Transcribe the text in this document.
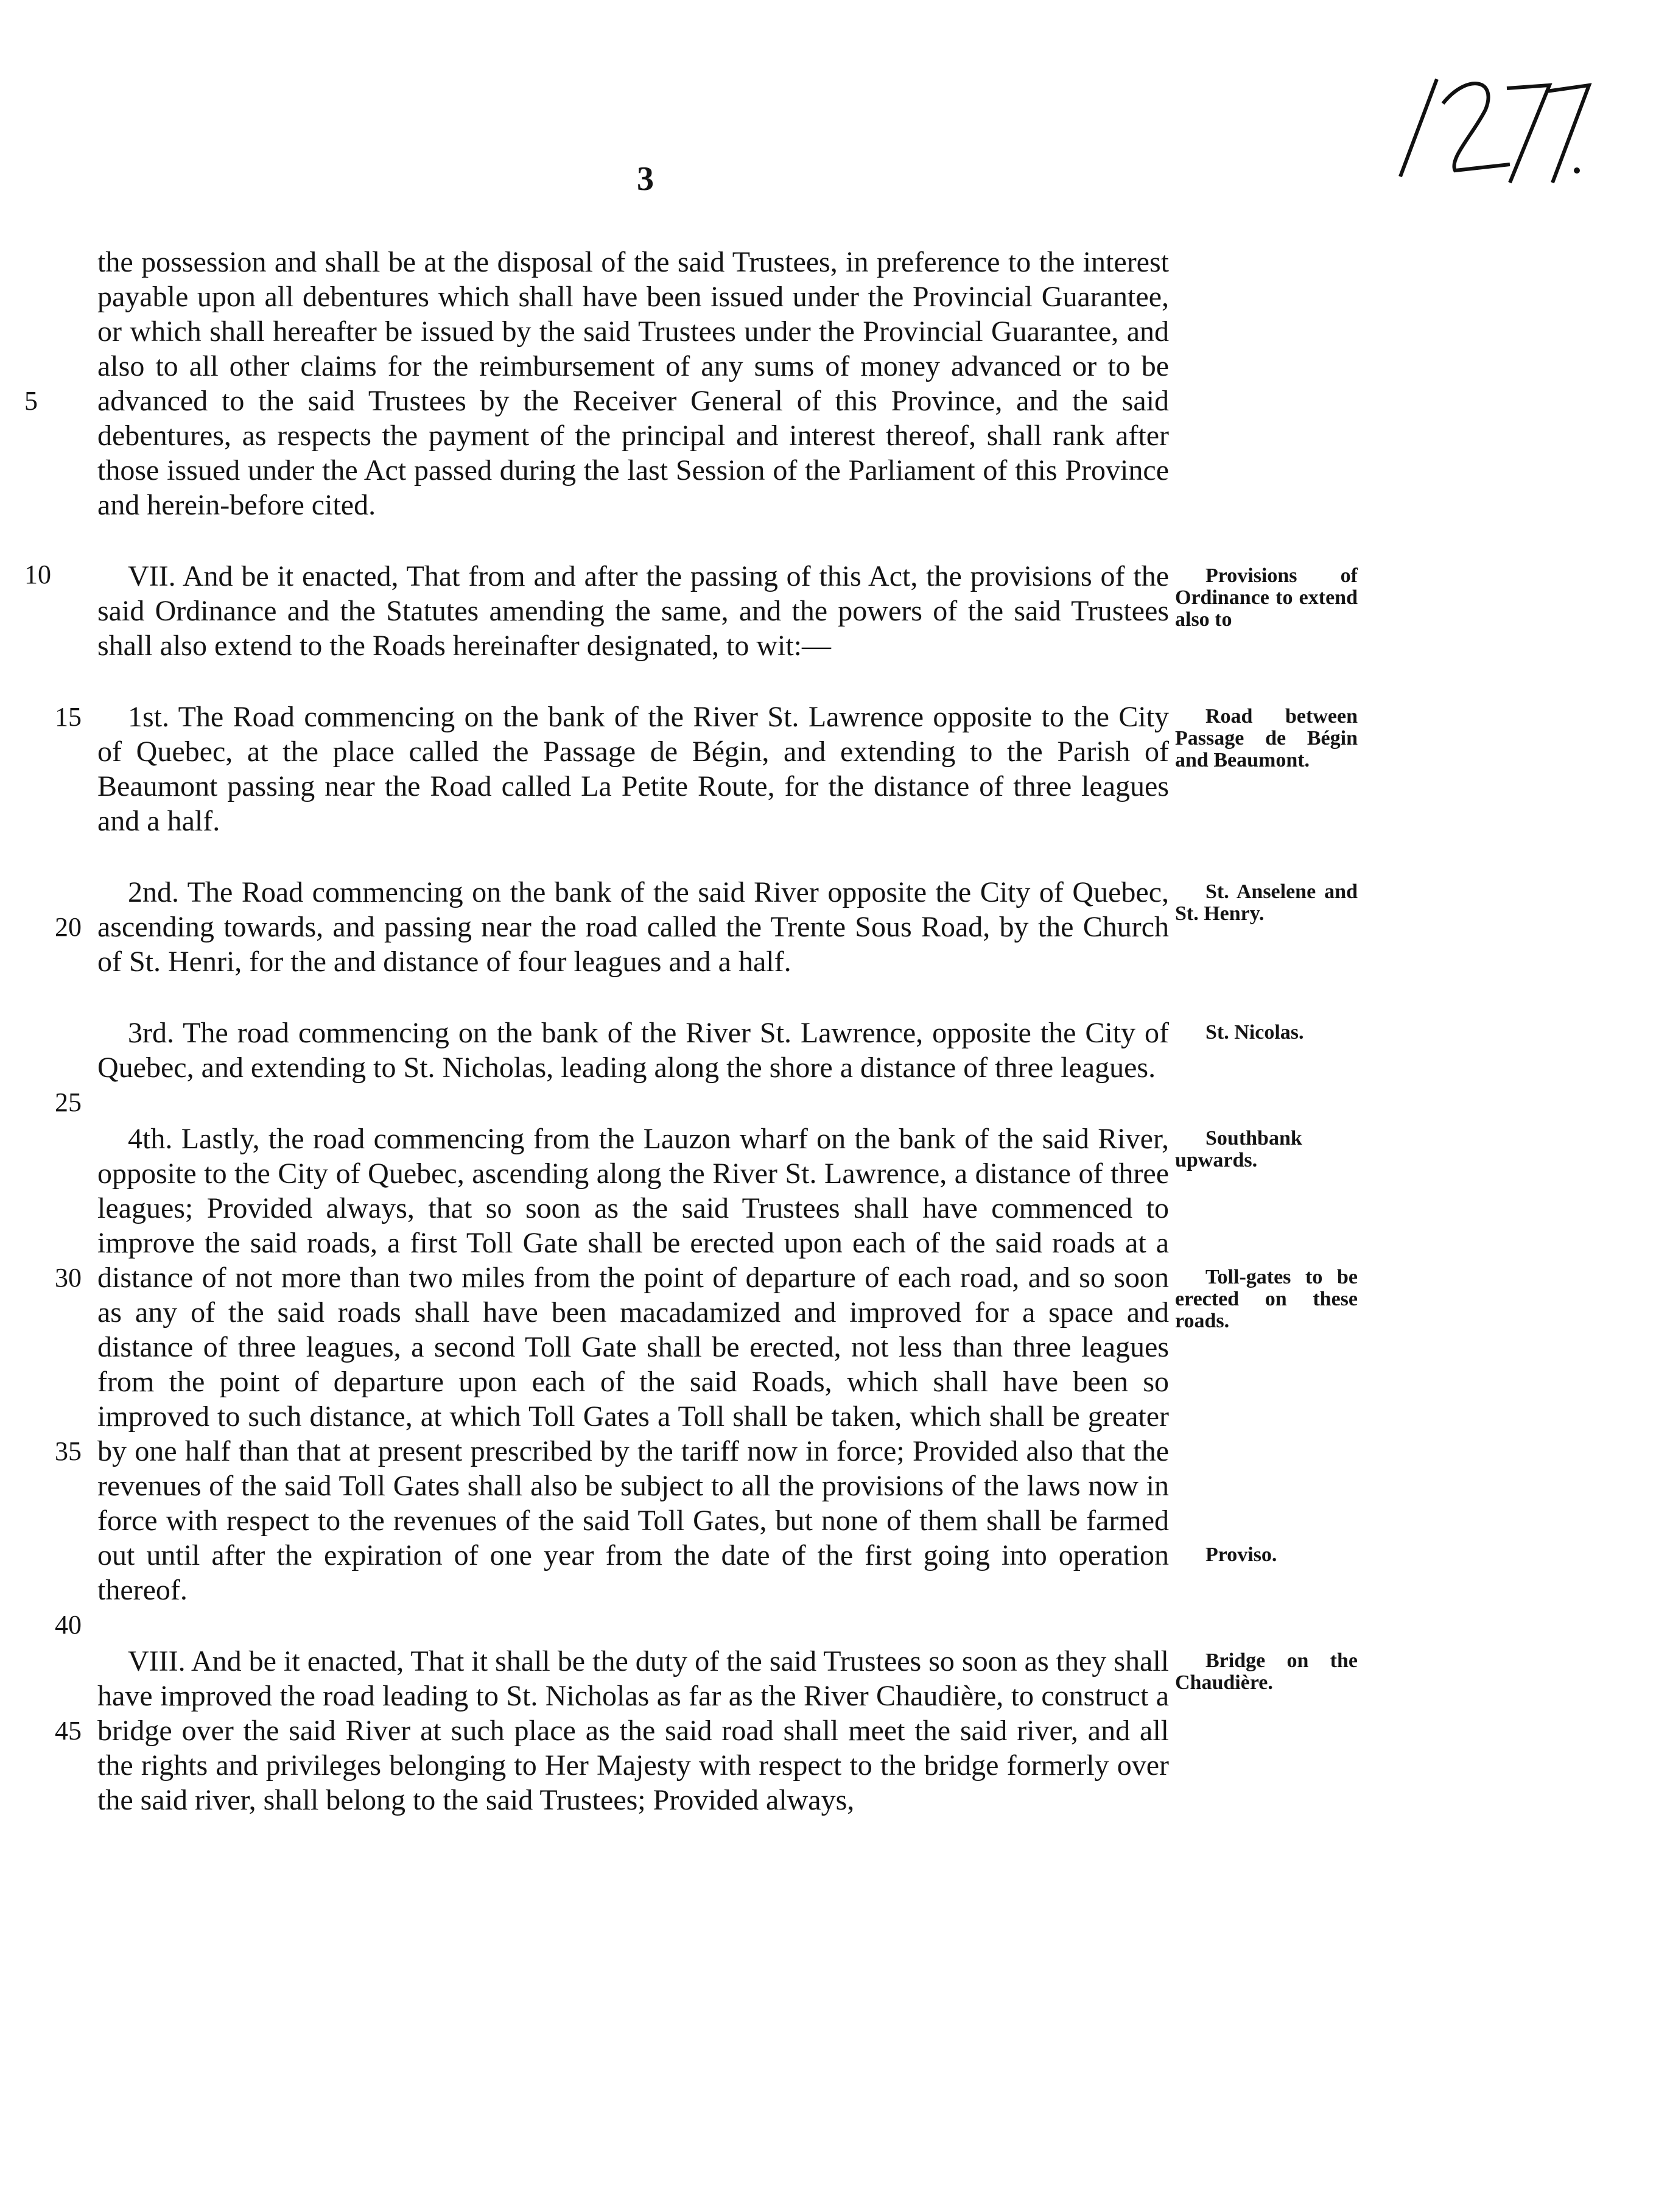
3
5
10
the possession and shall be at the disposal of the said Trustees, in preference to the interest payable upon all debentures which shall have been issued under the Provincial Guarantee, or which shall hereafter be issued by the said Trustees under the Provincial Guarantee, and also to all other claims for the reimbursement of any sums of money advanced or to be advanced to the said Trustees by the Receiver General of this Province, and the said debentures, as respects the payment of the principal and interest thereof, shall rank after those issued under the Act passed during the last Session of the Parliament of this Province and herein-before cited.
Provisions of Ordinance to extend also to
VII. And be it enacted, That from and after the passing of this Act, the provisions of the said Ordinance and the Statutes amending the same, and the powers of the said Trustees shall also extend to the Roads hereinafter designated, to wit:—
15	Road between Passage de Bégin and Beaumont.
1st. The Road commencing on the bank of the River St. Lawrence opposite to the City of Quebec, at the place called the Passage de Bégin, and extending to the Parish of Beaumont passing near the Road called La Petite Route, for the distance of three leagues and a half.
20
St. Anselene and St. Henry.
2nd. The Road commencing on the bank of the said River opposite the City of Quebec, ascending towards, and passing near the road called the Trente Sous Road, by the Church of St. Henri, for the and distance of four leagues and a half.
25
St. Nicolas.
3rd. The road commencing on the bank of the River St. Lawrence, opposite the City of Quebec, and extending to St. Nicholas, leading along the shore a distance of three leagues.
30
35
40
Southbank upwards.
Toll-gates to be erected on these roads.
Proviso.
4th. Lastly, the road commencing from the Lauzon wharf on the bank of the said River, opposite to the City of Quebec, ascending along the River St. Lawrence, a distance of three leagues; Provided always, that so soon as the said Trustees shall have commenced to improve the said roads, a first Toll Gate shall be erected upon each of the said roads at a distance of not more than two miles from the point of departure of each road, and so soon as any of the said roads shall have been macadamized and improved for a space and distance of three leagues, a second Toll Gate shall be erected, not less than three leagues from the point of departure upon each of the said Roads, which shall have been so improved to such distance, at which Toll Gates a Toll shall be taken, which shall be greater by one half than that at present prescribed by the tariff now in force; Provided also that the revenues of the said Toll Gates shall also be subject to all the provisions of the laws now in force with respect to the revenues of the said Toll Gates, but none of them shall be farmed out until after the expiration of one year from the date of the first going into operation thereof.
45
Bridge on the Chaudière.
VIII. And be it enacted, That it shall be the duty of the said Trustees so soon as they shall have improved the road leading to St. Nicholas as far as the River Chaudière, to construct a bridge over the said River at such place as the said road shall meet the said river, and all the rights and privileges belonging to Her Majesty with respect to the bridge formerly over the said river, shall belong to the said Trustees; Provided always,
